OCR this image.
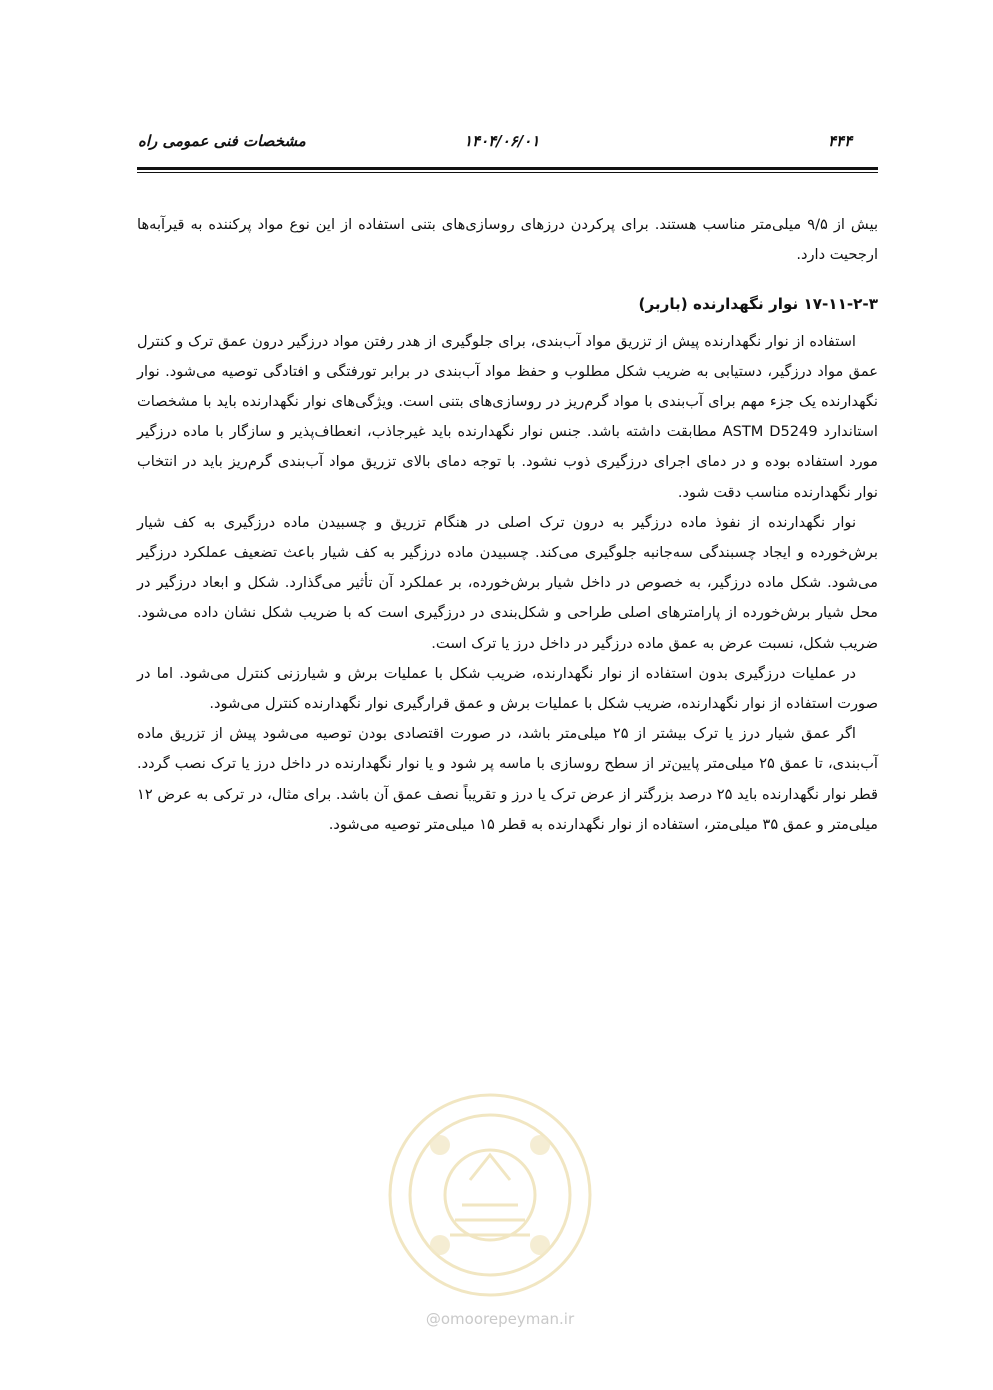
۴۴۴
۱۴۰۴/۰۶/۰۱
مشخصات فنی عمومی راه

بیش از ۹/۵ میلی‌متر مناسب هستند. برای پرکردن درزهای روسازی‌های بتنی استفاده از این نوع مواد پرکننده به قیرآبه‌ها ارجحیت دارد.

۱۷-۱۱-۲-۳ نوار نگهدارنده (باربر)

استفاده از نوار نگهدارنده پیش از تزریق مواد آب‌بندی، برای جلوگیری از هدر رفتن مواد درزگیر درون عمق ترک و کنترل عمق مواد درزگیر، دستیابی به ضریب شکل مطلوب و حفظ مواد آب‌بندی در برابر تورفتگی و افتادگی توصیه می‌شود. نوار نگهدارنده یک جزء مهم برای آب‌بندی با مواد گرم‌ریز در روسازی‌های بتنی است. ویژگی‌های نوار نگهدارنده باید با مشخصات استاندارد ASTM D5249 مطابقت داشته باشد. جنس نوار نگهدارنده باید غیرجاذب، انعطاف‌پذیر و سازگار با ماده درزگیر مورد استفاده بوده و در دمای اجرای درزگیری ذوب نشود. با توجه دمای بالای تزریق مواد آب‌بندی گرم‌ریز باید در انتخاب نوار نگهدارنده مناسب دقت شود.

نوار نگهدارنده از نفوذ ماده درزگیر به درون ترک اصلی در هنگام تزریق و چسبیدن ماده درزگیری به کف شیار برش‌خورده و ایجاد چسبندگی سه‌جانبه جلوگیری می‌کند. چسبیدن ماده درزگیر به کف شیار باعث تضعیف عملکرد درزگیر می‌شود. شکل ماده درزگیر، به خصوص در داخل شیار برش‌خورده، بر عملکرد آن تأثیر می‌گذارد. شکل و ابعاد درزگیر در محل شیار برش‌خورده از پارامترهای اصلی طراحی و شکل‌بندی در درزگیری است که با ضریب شکل نشان داده می‌شود. ضریب شکل، نسبت عرض به عمق ماده درزگیر در داخل درز یا ترک است.

در عملیات درزگیری بدون استفاده از نوار نگهدارنده، ضریب شکل با عملیات برش و شیارزنی کنترل می‌شود. اما در صورت استفاده از نوار نگهدارنده، ضریب شکل با عملیات برش و عمق قرارگیری نوار نگهدارنده کنترل می‌شود.

اگر عمق شیار درز یا ترک بیشتر از ۲۵ میلی‌متر باشد، در صورت اقتصادی بودن توصیه می‌شود پیش از تزریق ماده آب‌بندی، تا عمق ۲۵ میلی‌متر پایین‌تر از سطح روسازی با ماسه پر شود و یا نوار نگهدارنده در داخل درز یا ترک نصب گردد. قطر نوار نگهدارنده باید ۲۵ درصد بزرگتر از عرض ترک یا درز و تقریباً نصف عمق آن باشد. برای مثال، در ترکی به عرض ۱۲ میلی‌متر و عمق ۳۵ میلی‌متر، استفاده از نوار نگهدارنده به قطر ۱۵ میلی‌متر توصیه می‌شود.

@omoorepeyman.ir
